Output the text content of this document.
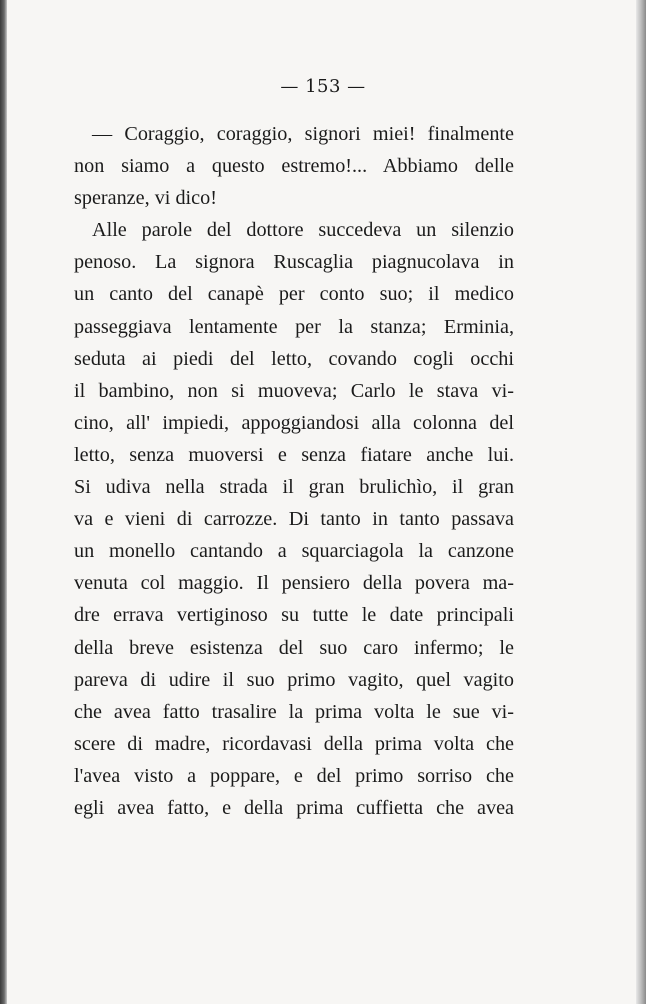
— 153 —
— Coraggio, coraggio, signori miei! finalmente
non siamo a questo estremo!... Abbiamo delle
speranze, vi dico!
Alle parole del dottore succedeva un silenzio
penoso. La signora Ruscaglia piagnucolava in
un canto del canapè per conto suo; il medico
passeggiava lentamente per la stanza; Erminia,
seduta ai piedi del letto, covando cogli occhi
il bambino, non si muoveva; Carlo le stava vi-
cino, all' impiedi, appoggiandosi alla colonna del
letto, senza muoversi e senza fiatare anche lui.
Si udiva nella strada il gran brulichìo, il gran
va e vieni di carrozze. Di tanto in tanto passava
un monello cantando a squarciagola la canzone
venuta col maggio. Il pensiero della povera ma-
dre errava vertiginoso su tutte le date principali
della breve esistenza del suo caro infermo; le
pareva di udire il suo primo vagito, quel vagito
che avea fatto trasalire la prima volta le sue vi-
scere di madre, ricordavasi della prima volta che
l'avea visto a poppare, e del primo sorriso che
egli avea fatto, e della prima cuffietta che avea
